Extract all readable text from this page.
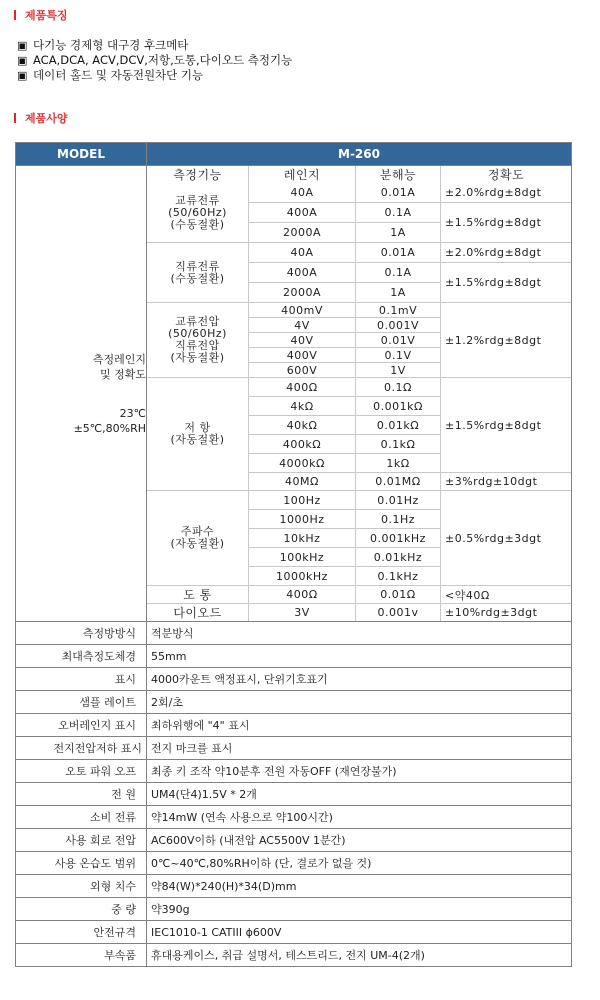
제품특징
▣ 다기능 경제형 대구경 후크메타
▣ ACA,DCA, ACV,DCV,저항,도통,다이오드 측정기능
▣ 데이터 홀드 및 자동전원차단 기능
제품사양
MODEL	M-260

측정레인지
및 정확도
23℃
±5℃,80%RH

측정기능	레인지	분해능	정확도

교류전류
(50/60Hz)
(수동절환)
	40A	0.01A	±2.0%rdg±8dgt
400A	0.1A	±1.5%rdg±8dgt
2000A	1A

직류전류
(수동절환)
	40A	0.01A	±2.0%rdg±8dgt
400A	0.1A	±1.5%rdg±8dgt
2000A	1A

교류전압
(50/60Hz)
직류전압
(자동절환)
	400mV	0.1mV	±1.2%rdg±8dgt
4V	0.001V
40V	0.01V
400V	0.1V
600V	1V

저 항
(자동절환)
	400Ω	0.1Ω	±1.5%rdg±8dgt
4kΩ	0.001kΩ
40kΩ	0.01kΩ
400kΩ	0.1kΩ
4000kΩ	1kΩ
40MΩ	0.01MΩ	±3%rdg±10dgt

주파수
(자동절환)
	100Hz	0.01Hz	±0.5%rdg±3dgt
1000Hz	0.1Hz
10kHz	0.001kHz
100kHz	0.01kHz
1000kHz	0.1kHz
도 통	400Ω	0.01Ω	<약40Ω
다이오드	3V	0.001v	±10%rdg±3dgt

측정방방식	적분방식
최대측정도체경	55mm
표시	4000카운트 액정표시, 단위기호표기
샘플 레이트	2회/초
오버레인지 표시	최하위행에 "4" 표시
전지전압저하 표시	전지 마크를 표시
오토 파워 오프	최종 키 조작 약10분후 전원 자동OFF (재연장불가)
전 원	UM4(단4)1.5V * 2개
소비 전류	약14mW (연속 사용으로 약100시간)
사용 회로 전압	AC600V이하 (내전압 AC5500V 1분간)
사용 온습도 범위	0℃~40℃,80%RH이하 (단, 결로가 없을 것)
외형 치수	약84(W)*240(H)*34(D)mm
중 량	약390g
안전규격	IEC1010-1 CATIII ϕ600V
부속품	휴대용케이스, 취급 설명서, 테스트리드, 전지 UM-4(2개)
